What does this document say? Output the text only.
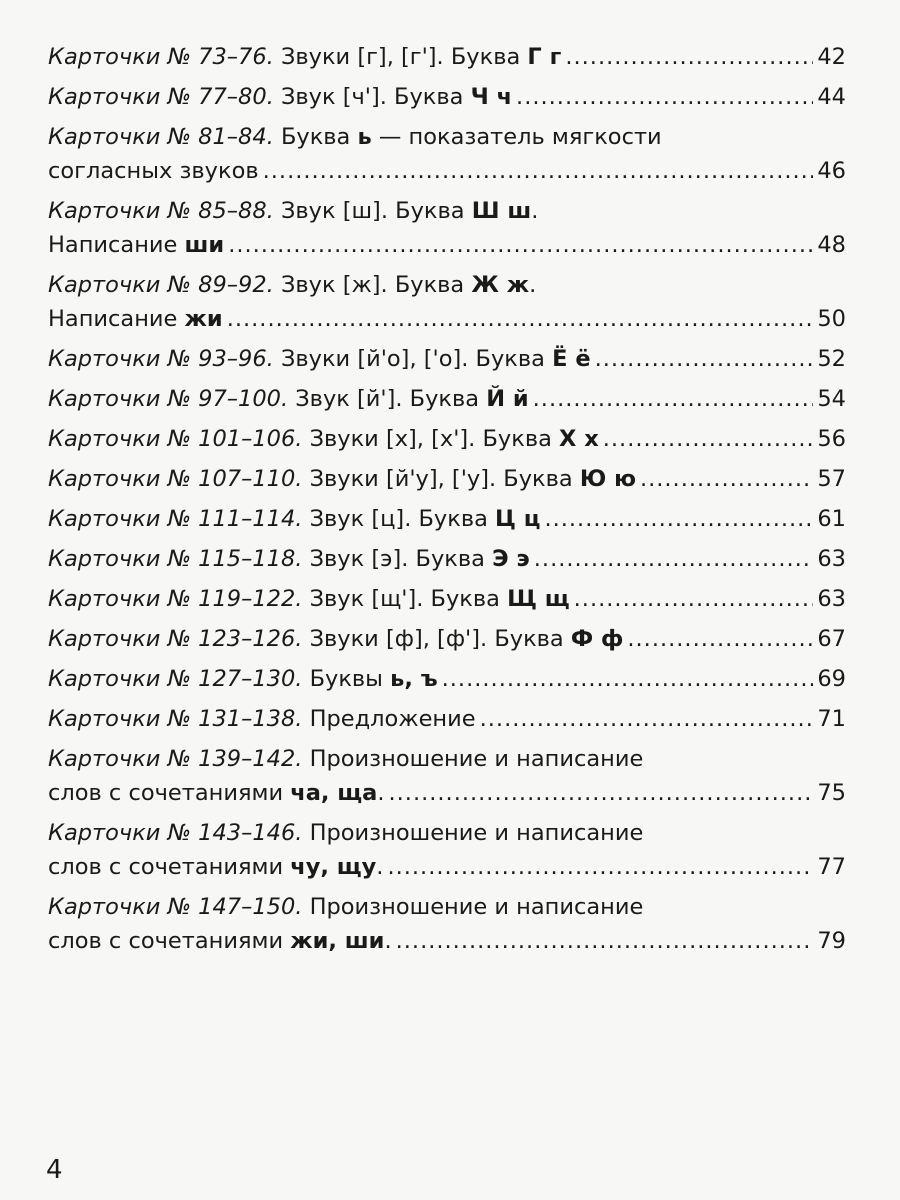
Карточки № 73–76. Звуки [г], [г']. Буква Г г .....	42
Карточки № 77–80. Звук [ч']. Буква Ч ч .....	44
Карточки № 81–84. Буква ь — показатель мягкости
согласных звуков .....	46
Карточки № 85–88. Звук [ш]. Буква Ш ш.
Написание ши .....	48
Карточки № 89–92. Звук [ж]. Буква Ж ж.
Написание жи .....	50
Карточки № 93–96. Звуки [й'о], ['о]. Буква Ё ё .....	52
Карточки № 97–100. Звук [й']. Буква Й й .....	54
Карточки № 101–106. Звуки [х], [х']. Буква Х х .....	56
Карточки № 107–110. Звуки [й'у], ['у]. Буква Ю ю .....	57
Карточки № 111–114. Звук [ц]. Буква Ц ц .....	61
Карточки № 115–118. Звук [э]. Буква Э э .....	63
Карточки № 119–122. Звук [щ']. Буква Щ щ .....	63
Карточки № 123–126. Звуки [ф], [ф']. Буква Ф ф .....	67
Карточки № 127–130. Буквы ь, ъ .....	69
Карточки № 131–138. Предложение .....	71
Карточки № 139–142. Произношение и написание
слов с сочетаниями ча, ща. .....	75
Карточки № 143–146. Произношение и написание
слов с сочетаниями чу, щу. .....	77
Карточки № 147–150. Произношение и написание
слов с сочетаниями жи, ши. .....	79
4
